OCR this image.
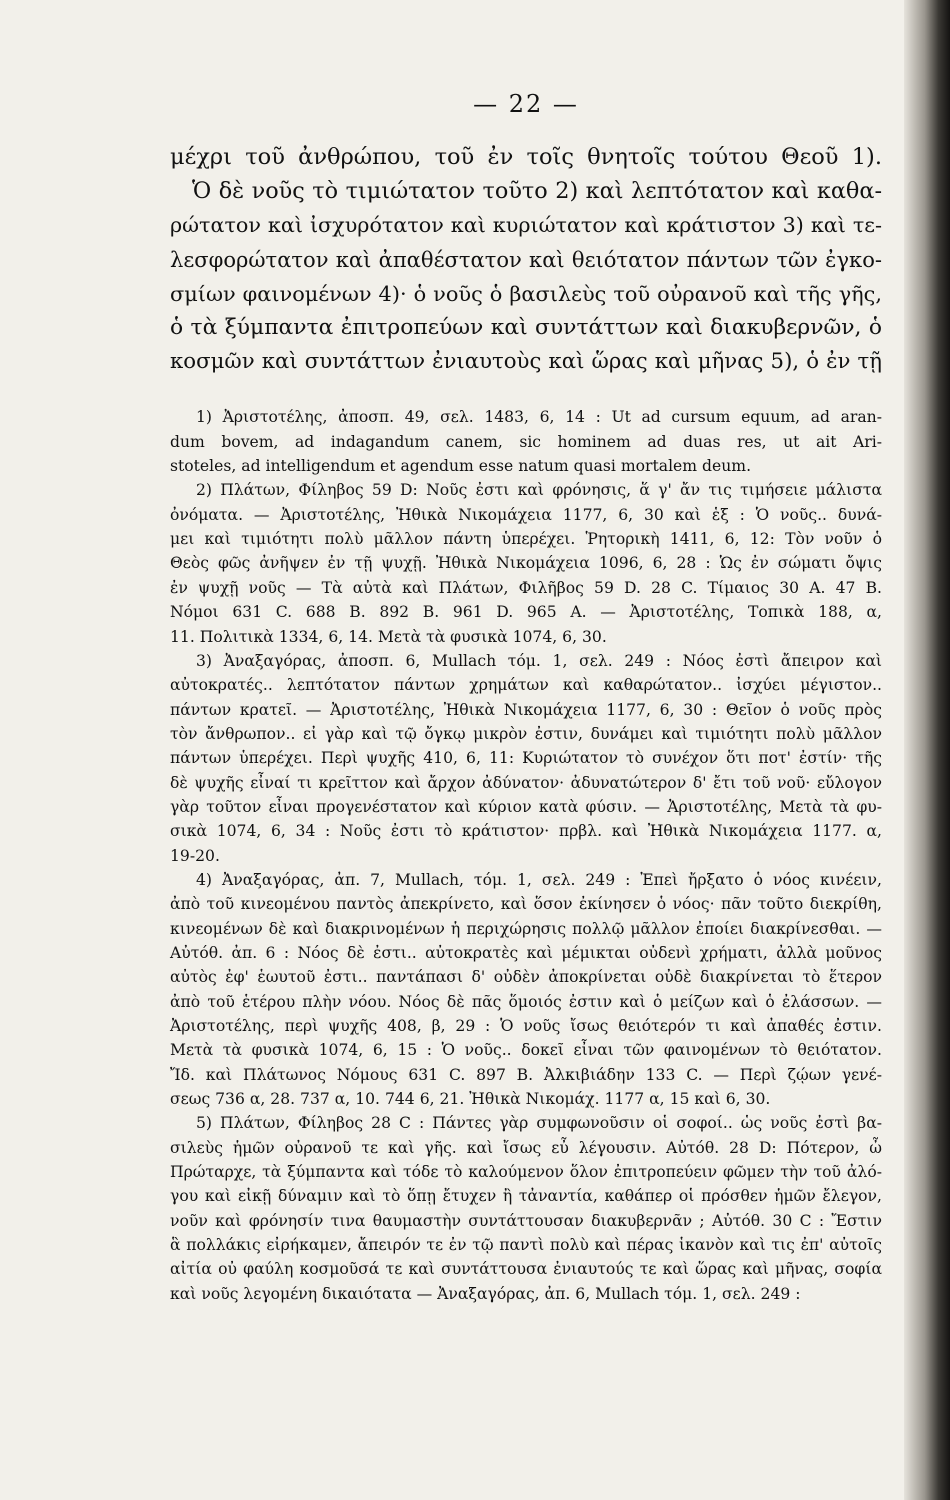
— 22 —

μέχρι τοῦ ἀνθρώπου, τοῦ ἐν τοῖς θνητοῖς τούτου Θεοῦ 1).
Ὁ δὲ νοῦς τὸ τιμιώτατον τοῦτο 2) καὶ λεπτότατον καὶ καθα-
ρώτατον καὶ ἰσχυρότατον καὶ κυριώτατον καὶ κράτιστον 3) καὶ τε-
λεσφορώτατον καὶ ἀπαθέστατον καὶ θειότατον πάντων τῶν ἐγκο-
σμίων φαινομένων 4)· ὁ νοῦς ὁ βασιλεὺς τοῦ οὐρανοῦ καὶ τῆς γῆς,
ὁ τὰ ξύμπαντα ἐπιτροπεύων καὶ συντάττων καὶ διακυβερνῶν, ὁ
κοσμῶν καὶ συντάττων ἐνιαυτοὺς καὶ ὥρας καὶ μῆνας 5), ὁ ἐν τῇ

1) Ἀριστοτέλης, ἀποσπ. 49, σελ. 1483, 6, 14 : Ut ad cursum equum, ad aran-
dum bovem, ad indagandum canem, sic hominem ad duas res, ut ait Ari-
stoteles, ad intelligendum et agendum esse natum quasi mortalem deum.

2) Πλάτων, Φίληβος 59 D: Νοῦς ἐστι καὶ φρόνησις, ἅ γ' ἄν τις τιμήσειε μάλιστα
ὀνόματα. — Ἀριστοτέλης, Ἠθικὰ Νικομάχεια 1177, 6, 30 καὶ ἑξ : Ὁ νοῦς.. δυνά-
μει καὶ τιμιότητι πολὺ μᾶλλον πάντη ὑπερέχει. Ῥητορικὴ 1411, 6, 12: Τὸν νοῦν ὁ
Θεὸς φῶς ἀνῆψεν ἐν τῇ ψυχῇ. Ἠθικὰ Νικομάχεια 1096, 6, 28 : Ὡς ἐν σώματι ὄψις
ἐν ψυχῇ νοῦς — Τὰ αὐτὰ καὶ Πλάτων, Φιλῆβος 59 D. 28 C. Τίμαιος 30 A. 47 B.
Νόμοι 631 C. 688 B. 892 B. 961 D. 965 A. — Ἀριστοτέλης, Τοπικὰ 188, α,
11. Πολιτικὰ 1334, 6, 14. Μετὰ τὰ φυσικὰ 1074, 6, 30.

3) Ἀναξαγόρας, ἀποσπ. 6, Mullach τόμ. 1, σελ. 249 : Νόος ἐστὶ ἄπειρον καὶ
αὐτοκρατές.. λεπτότατον πάντων χρημάτων καὶ καθαρώτατον.. ἰσχύει μέγιστον..
πάντων κρατεῖ. — Ἀριστοτέλης, Ἠθικὰ Νικομάχεια 1177, 6, 30 : Θεῖον ὁ νοῦς πρὸς
τὸν ἄνθρωπον.. εἰ γὰρ καὶ τῷ ὄγκῳ μικρὸν ἐστιν, δυνάμει καὶ τιμιότητι πολὺ μᾶλλον
πάντων ὑπερέχει. Περὶ ψυχῆς 410, 6, 11: Κυριώτατον τὸ συνέχον ὅτι ποτ' ἐστίν· τῆς
δὲ ψυχῆς εἶναί τι κρεῖττον καὶ ἄρχον ἀδύνατον· ἀδυνατώτερον δ' ἔτι τοῦ νοῦ· εὔλογον
γὰρ τοῦτον εἶναι προγενέστατον καὶ κύριον κατὰ φύσιν. — Ἀριστοτέλης, Μετὰ τὰ φυ-
σικὰ 1074, 6, 34 : Νοῦς ἐστι τὸ κράτιστον· πρβλ. καὶ Ἠθικὰ Νικομάχεια 1177. α,
19-20.

4) Ἀναξαγόρας, ἀπ. 7, Mullach, τόμ. 1, σελ. 249 : Ἐπεὶ ἤρξατο ὁ νόος κινέειν,
ἀπὸ τοῦ κινεομένου παντὸς ἀπεκρίνετο, καὶ ὅσον ἐκίνησεν ὁ νόος· πᾶν τοῦτο διεκρίθη,
κινεομένων δὲ καὶ διακρινομένων ἡ περιχώρησις πολλῷ μᾶλλον ἐποίει διακρίνεσθαι. —
Αὐτόθ. ἀπ. 6 : Νόος δὲ ἐστι.. αὐτοκρατὲς καὶ μέμικται οὐδενὶ χρήματι, ἀλλὰ μοῦνος
αὐτὸς ἐφ' ἑωυτοῦ ἐστι.. παντάπασι δ' οὐδὲν ἀποκρίνεται οὐδὲ διακρίνεται τὸ ἕτερον
ἀπὸ τοῦ ἑτέρου πλὴν νόου. Νόος δὲ πᾶς ὅμοιός ἐστιν καὶ ὁ μείζων καὶ ὁ ἐλάσσων. —
Ἀριστοτέλης, περὶ ψυχῆς 408, β, 29 : Ὁ νοῦς ἴσως θειότερόν τι καὶ ἀπαθές ἐστιν.
Μετὰ τὰ φυσικὰ 1074, 6, 15 : Ὁ νοῦς.. δοκεῖ εἶναι τῶν φαινομένων τὸ θειότατον.
Ἴδ. καὶ Πλάτωνος Νόμους 631 C. 897 B. Ἀλκιβιάδην 133 C. — Περὶ ζῴων γενέ-
σεως 736 α, 28. 737 α, 10. 744 6, 21. Ἠθικὰ Νικομάχ. 1177 α, 15 καὶ 6, 30.

5) Πλάτων, Φίληβος 28 C : Πάντες γὰρ συμφωνοῦσιν οἱ σοφοί.. ὡς νοῦς ἐστὶ βα-
σιλεὺς ἡμῶν οὐρανοῦ τε καὶ γῆς. καὶ ἴσως εὖ λέγουσιν. Αὐτόθ. 28 D: Πότερον, ὦ
Πρώταρχε, τὰ ξύμπαντα καὶ τόδε τὸ καλούμενον ὅλον ἐπιτροπεύειν φῶμεν τὴν τοῦ ἀλό-
γου καὶ εἰκῇ δύναμιν καὶ τὸ ὅπῃ ἔτυχεν ἢ τἀναντία, καθάπερ οἱ πρόσθεν ἡμῶν ἔλεγον,
νοῦν καὶ φρόνησίν τινα θαυμαστὴν συντάττουσαν διακυβερνᾶν ; Αὐτόθ. 30 C : Ἔστιν
ἃ πολλάκις εἰρήκαμεν, ἄπειρόν τε ἐν τῷ παντὶ πολὺ καὶ πέρας ἱκανὸν καὶ τις ἐπ' αὐτοῖς
αἰτία οὐ φαύλη κοσμοῦσά τε καὶ συντάττουσα ἐνιαυτούς τε καὶ ὥρας καὶ μῆνας, σοφία
καὶ νοῦς λεγομένη δικαιότατα — Ἀναξαγόρας, ἀπ. 6, Mullach τόμ. 1, σελ. 249 :
